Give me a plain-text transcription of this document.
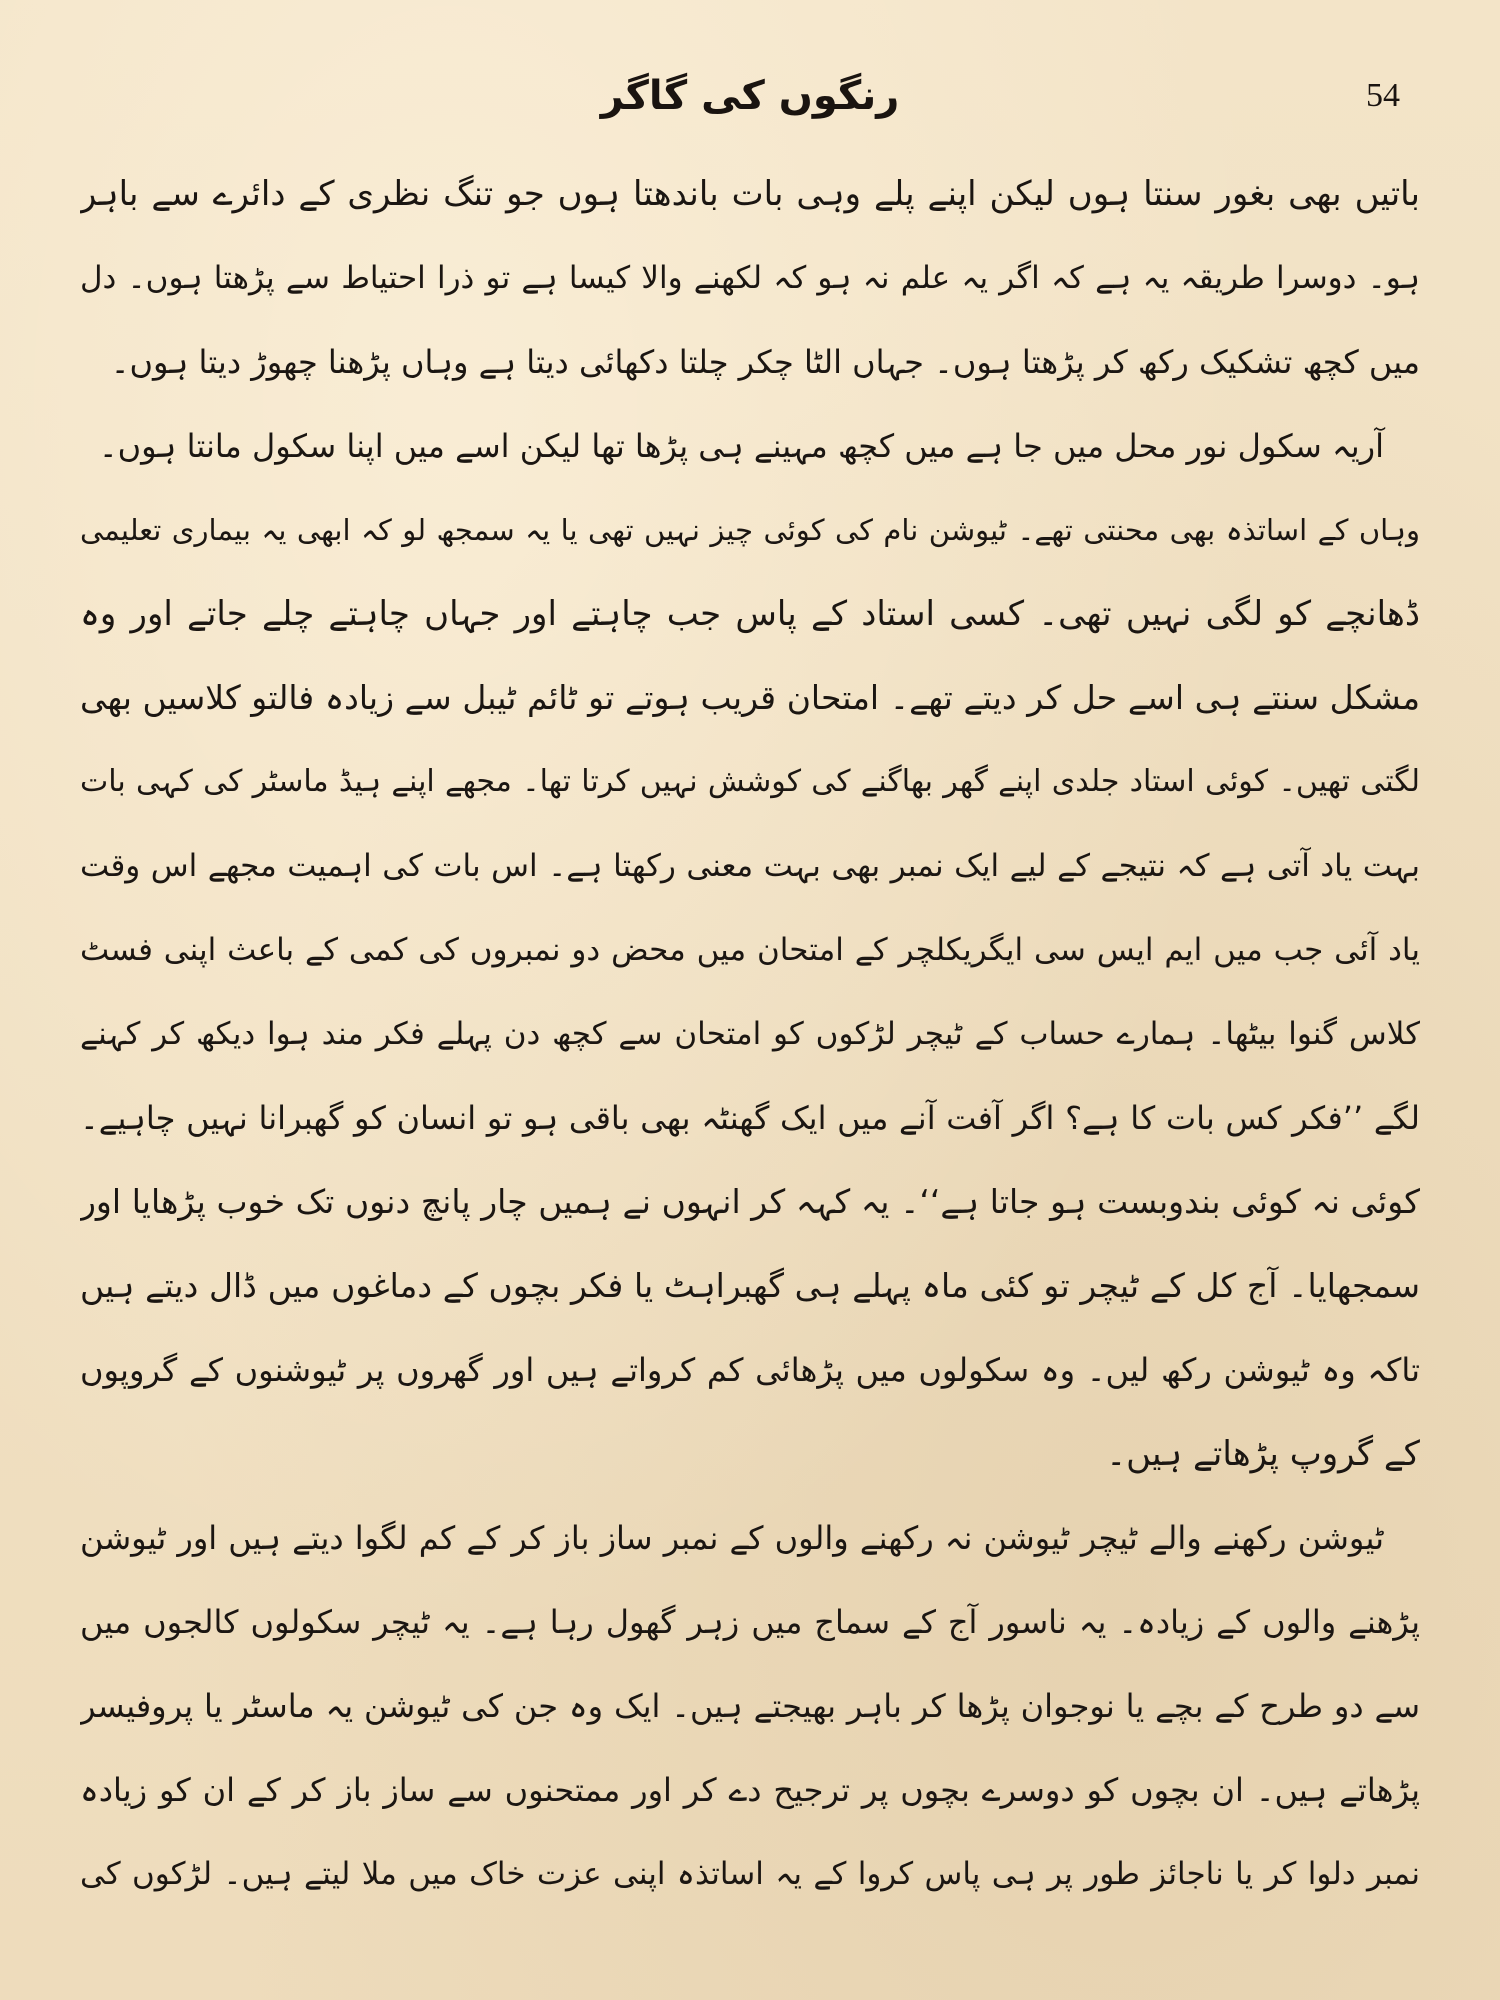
رنگوں کی گاگر	54
باتیں بھی بغور سنتا ہوں لیکن اپنے پلے وہی بات باندھتا ہوں جو تنگ نظری کے دائرے سے باہر
ہو۔ دوسرا طریقہ یہ ہے کہ اگر یہ علم نہ ہو کہ لکھنے والا کیسا ہے تو ذرا احتیاط سے پڑھتا ہوں۔ دل
میں کچھ تشکیک رکھ کر پڑھتا ہوں۔ جہاں الٹا چکر چلتا دکھائی دیتا ہے وہاں پڑھنا چھوڑ دیتا ہوں۔
آریہ سکول نور محل میں جا ہے میں کچھ مہینے ہی پڑھا تھا لیکن اسے میں اپنا سکول مانتا ہوں۔
وہاں کے اساتذہ بھی محنتی تھے۔ ٹیوشن نام کی کوئی چیز نہیں تھی یا یہ سمجھ لو کہ ابھی یہ بیماری تعلیمی
ڈھانچے کو لگی نہیں تھی۔ کسی استاد کے پاس جب چاہتے اور جہاں چاہتے چلے جاتے اور وہ
مشکل سنتے ہی اسے حل کر دیتے تھے۔ امتحان قریب ہوتے تو ٹائم ٹیبل سے زیادہ فالتو کلاسیں بھی
لگتی تھیں۔ کوئی استاد جلدی اپنے گھر بھاگنے کی کوشش نہیں کرتا تھا۔ مجھے اپنے ہیڈ ماسٹر کی کہی بات
بہت یاد آتی ہے کہ نتیجے کے لیے ایک نمبر بھی بہت معنی رکھتا ہے۔ اس بات کی اہمیت مجھے اس وقت
یاد آئی جب میں ایم ایس سی ایگریکلچر کے امتحان میں محض دو نمبروں کی کمی کے باعث اپنی فسٹ
کلاس گنوا بیٹھا۔ ہمارے حساب کے ٹیچر لڑکوں کو امتحان سے کچھ دن پہلے فکر مند ہوا دیکھ کر کہنے
لگے ’’فکر کس بات کا ہے؟ اگر آفت آنے میں ایک گھنٹہ بھی باقی ہو تو انسان کو گھبرانا نہیں چاہیے۔
کوئی نہ کوئی بندوبست ہو جاتا ہے‘‘۔ یہ کہہ کر انہوں نے ہمیں چار پانچ دنوں تک خوب پڑھایا اور
سمجھایا۔ آج کل کے ٹیچر تو کئی ماہ پہلے ہی گھبراہٹ یا فکر بچوں کے دماغوں میں ڈال دیتے ہیں
تاکہ وہ ٹیوشن رکھ لیں۔ وہ سکولوں میں پڑھائی کم کرواتے ہیں اور گھروں پر ٹیوشنوں کے گروپوں
کے گروپ پڑھاتے ہیں۔
ٹیوشن رکھنے والے ٹیچر ٹیوشن نہ رکھنے والوں کے نمبر ساز باز کر کے کم لگوا دیتے ہیں اور ٹیوشن
پڑھنے والوں کے زیادہ۔ یہ ناسور آج کے سماج میں زہر گھول رہا ہے۔ یہ ٹیچر سکولوں کالجوں میں
سے دو طرح کے بچے یا نوجوان پڑھا کر باہر بھیجتے ہیں۔ ایک وہ جن کی ٹیوشن یہ ماسٹر یا پروفیسر
پڑھاتے ہیں۔ ان بچوں کو دوسرے بچوں پر ترجیح دے کر اور ممتحنوں سے ساز باز کر کے ان کو زیادہ
نمبر دلوا کر یا ناجائز طور پر ہی پاس کروا کے یہ اساتذہ اپنی عزت خاک میں ملا لیتے ہیں۔ لڑکوں کی
